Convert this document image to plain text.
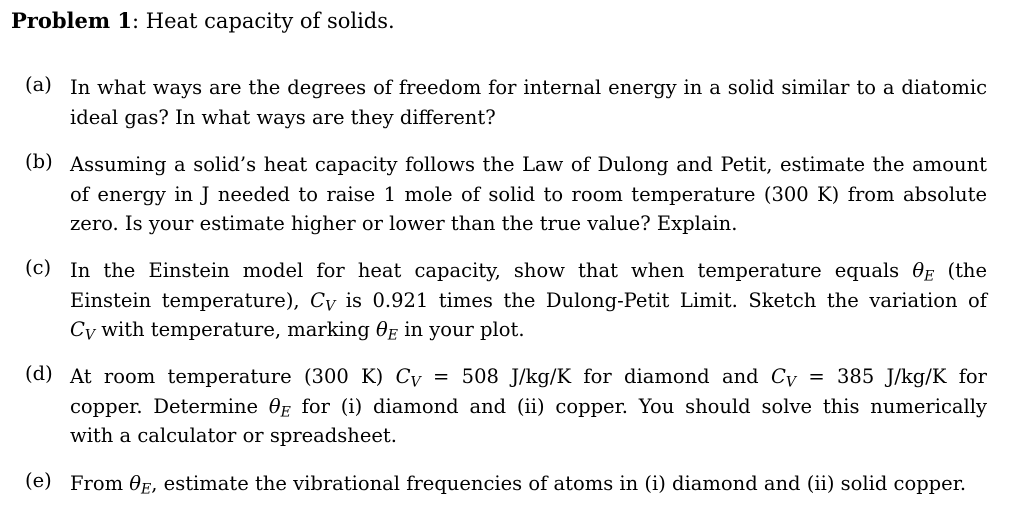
Problem 1: Heat capacity of solids.
(a) In what ways are the degrees of freedom for internal energy in a solid similar to a diatomic
ideal gas? In what ways are they different?
(b) Assuming a solid’s heat capacity follows the Law of Dulong and Petit, estimate the amount
of energy in J needed to raise 1 mole of solid to room temperature (300 K) from absolute
zero. Is your estimate higher or lower than the true value? Explain.
(c) In the Einstein model for heat capacity, show that when temperature equals $\theta_E$ (the
Einstein temperature), $C_V$ is 0.921 times the Dulong-Petit Limit. Sketch the variation of
$C_V$ with temperature, marking $\theta_E$ in your plot.
(d) At room temperature (300 K) $C_V = 508$ J/kg/K for diamond and $C_V = 385$ J/kg/K for
copper. Determine $\theta_E$ for (i) diamond and (ii) copper. You should solve this numerically
with a calculator or spreadsheet.
(e) From $\theta_E$, estimate the vibrational frequencies of atoms in (i) diamond and (ii) solid copper.
